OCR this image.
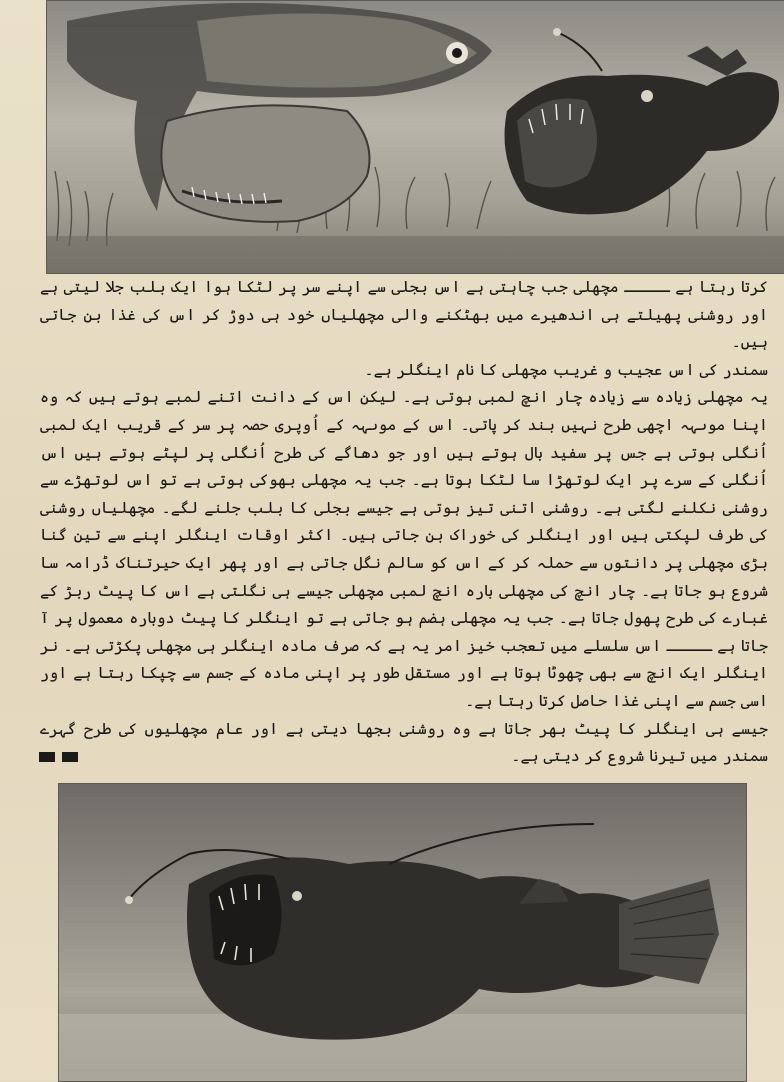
کرتا رہتا ہے ـــــ مچھلی جب چاہتی ہے اس بجلی سے اپنے سر پر لٹکا ہوا ایک بلب جلا لیتی ہے اور روشنی پھیلتے ہی اندھیرے میں بھٹکنے والی مچھلیاں خود ہی دوڑ کر اس کی غذا بن جاتی ہیں۔

سمندر کی اس عجیب و غریب مچھلی کا نام اینگلر ہے۔

یہ مچھلی زیادہ سے زیادہ چار انچ لمبی ہوتی ہے۔ لیکن اس کے دانت اتنے لمبے ہوتے ہیں کہ وہ اپنا موںہہ اچھی طرح نہیں بند کر پاتی۔ اس کے موںہہ کے اُوپری حصہ پر سر کے قریب ایک لمبی اُنگلی ہوتی ہے جس پر سفید بال ہوتے ہیں اور جو دھاگے کی طرح اُنگلی پر لپٹے ہوتے ہیں اس اُنگلی کے سرے پر ایک لوتھڑا سا لٹکا ہوتا ہے۔ جب یہ مچھلی بھوکی ہوتی ہے تو اس لوتھڑے سے روشنی نکلنے لگتی ہے۔ روشنی اتنی تیز ہوتی ہے جیسے بجلی کا بلب جلنے لگے۔ مچھلیاں روشنی کی طرف لپکتی ہیں اور اینگلر کی خوراک بن جاتی ہیں۔ اکثر اوقات اینگلر اپنے سے تین گنا بڑی مچھلی پر دانتوں سے حملہ کر کے اس کو سالم نگل جاتی ہے اور پھر ایک حیرتناک ڈرامہ سا شروع ہو جاتا ہے۔ چار انچ کی مچھلی بارہ انچ لمبی مچھلی جیسے ہی نگلتی ہے اس کا پیٹ ربڑ کے غبارے کی طرح پھول جاتا ہے۔ جب یہ مچھلی ہضم ہو جاتی ہے تو اینگلر کا پیٹ دوبارہ معمول پر آ جاتا ہے ـــــ اس سلسلے میں تعجب خیز امر یہ ہے کہ صرف مادہ اینگلر ہی مچھلی پکڑتی ہے۔ نر اینگلر ایک انچ سے بھی چھوٹا ہوتا ہے اور مستقل طور پر اپنی مادہ کے جسم سے چپکا رہتا ہے اور اسی جسم سے اپنی غذا حاصل کرتا رہتا ہے۔

جیسے ہی اینگلر کا پیٹ بھر جاتا ہے وہ روشنی بجھا دیتی ہے اور عام مچھلیوں کی طرح گہرے سمندر میں تیرنا شروع کر دیتی ہے۔
